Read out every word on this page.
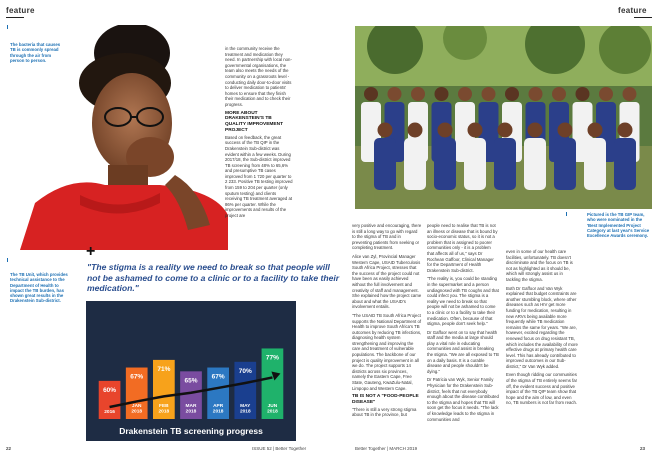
feature	feature
The bacteria that causes TB is commonly spread through the air from person to person.
The TB Unit, which provides technical assistance to the Department of Health to impact the TB burden, has shown great results in the Drakenstein Sub-district.

in the community receive the treatment and medication they need. In partnership with local non-governmental organisations, the team also meets the needs of the community on a grassroots level - conducting daily door-to-door visits to deliver medication to patients' homes to ensure that they finish their medication and to check their progress.

MORE ABOUT DRAKENSTEIN'S TB QUALITY IMPROVEMENT PROJECT

Based on feedback, the great success of the TB QIP in the Drakenstein Sub-district was evident within a few weeks. During 2017/18, the Sub-district improved TB screening from 48% to 65,6% and presumptive TB cases improved from 1 720 per quarter to 2 233. Positive TB testing improved from 159 to 204 per quarter (only sputum testing) and clients receiving TB treatment averaged at 86% per quarter. While the improvements and results of the project are

+
"The stigma is a reality we need to break so that people will not be ashamed to come to a clinic or to a facility to take their medication."
60%
67%
71%
65%
67%
70%
77%
2016
JAN 2018
FEB 2018
MAR 2018
APR 2018
MAY 2018
JUN 2018
Drakenstein TB screening progress
Pictured is the TB GIP team, who were nominated in the 'Best Implemented Project Category at last year's Service Excellence Awards ceremony.

very positive and encouraging, there is still a long way to go with regard to the stigma of TB and in preventing patients from seeking or completing treatment.

Alice van Zyl, Provincial Manager Western Cape, USAID Tuberculosis South Africa Project, stresses that the success of the project could not have been as easily achieved without the full involvement and creativity of staff and management. She explained how the project came about and what the USAID's involvement entails.

"The USAID TB South Africa Project supports the National Department of Health to improve South Africa's TB outcomes by reducing TB infections, diagnosing health system strengthening and improving the care and treatment of vulnerable populations. The backbone of our project is quality improvement in all we do. The project supports 14 districts across six provinces, namely the Eastern Cape, Free State, Gauteng, KwaZulu-Natal, Limpopo and Western Cape.

TB IS NOT A "FOOD-PEOPLE DISEASE"

"There is still a very strong stigma about TB in the province, but

people need to realise that TB is not an illness or disease that is bound by socio-economic status, so it is not a problem that is assigned to poorer communities only - it is a problem that affects all of us," says Dr Rochean Gaffoor, Clinical Manager for the Department of Health Drakenstein Sub-district.

"The reality is, you could be standing in the supermarket and a person undiagnosed with TB coughs and that could infect you. The stigma is a reality we need to break so that people will not be ashamed to come to a clinic or to a facility to take their medication. Often, because of that stigma, people don't seek help."

Dr Gaffoor went on to say that health staff and the media at large should play a vital role in educating communities and assist in breaking the stigma. "We are all exposed to TB on a daily basis. It is a curable disease and people shouldn't be dying."

Dr Patricia van Wyk, Senior Family Physician for the Drakenstein Sub-district, feels that not everybody enough about the disease contributed to the stigma and hopes that TB will soon get the focus it needs. "The lack of knowledge leads to the stigma in communities and

even in some of our health care facilities, unfortunately. TB doesn't discriminate and the focus on TB is not as highlighted as it should be, which will strongly assist us in tackling the stigma.

Both Dr Gaffoor and Van Wyk explained that budget constraints are another stumbling block, where other diseases such as HIV get more funding for medication, resulting in new ARVs being available more frequently while TB medication remains the same for years. "We are, however, excited regarding the renewed focus on drug resistant TB, which includes the availability of more effective drugs at primary health care level. This has already contributed to improved outcomes in our Sub-district," Dr Van Wyk added.

Even though ridding our communities of the stigma of TB entirely seems far off, the evident success and positive impact of the TB QIP team show that hope and the aim of low, and even no, TB numbers is not far from reach.

22	ISSUE 52 | Better Together	Better Together | MARCH 2019	23
